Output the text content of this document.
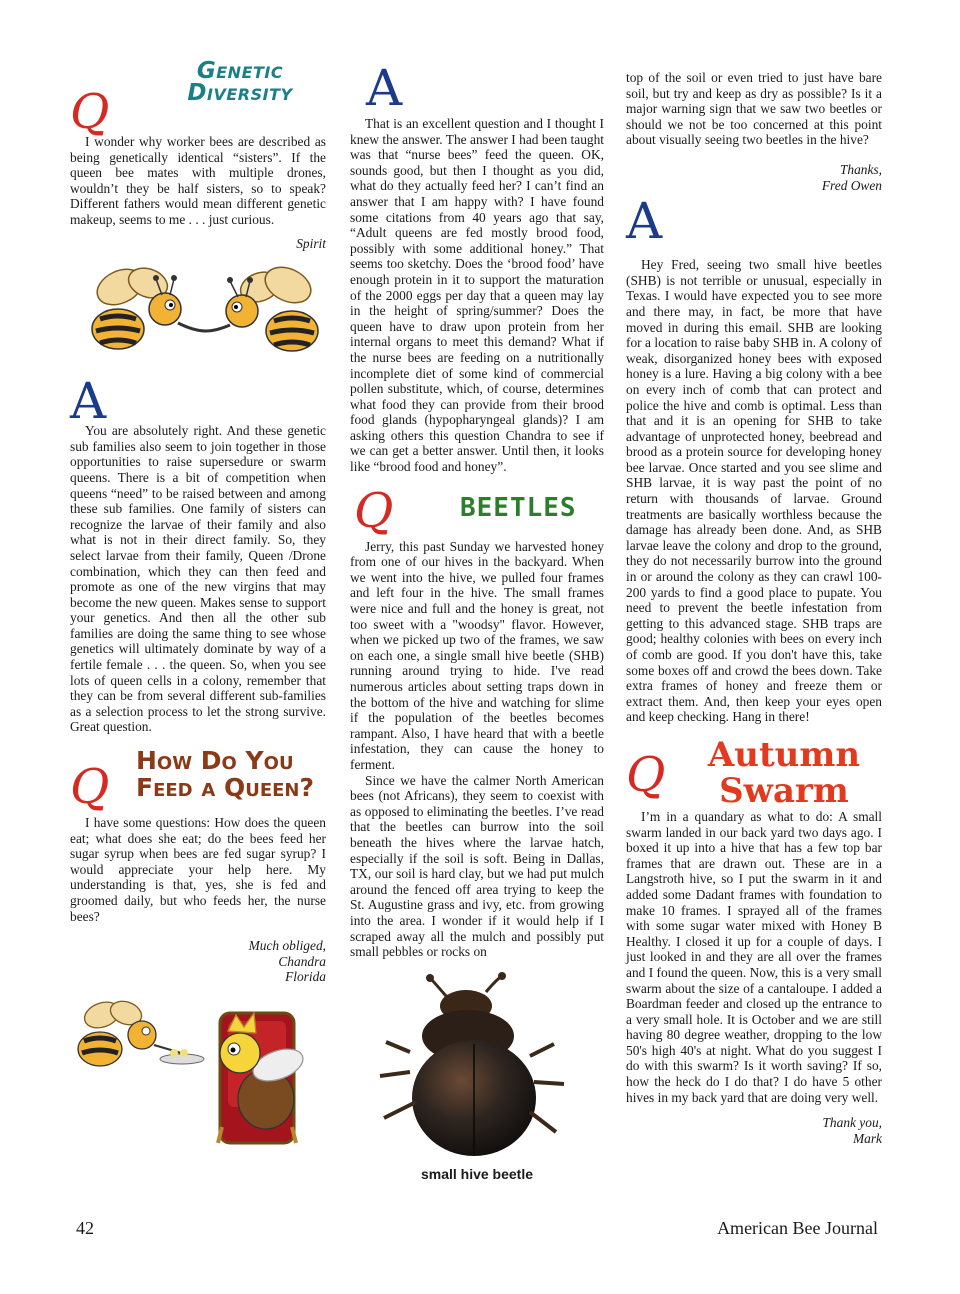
Genetic
Diversity
Q

I wonder why worker bees are described as being genetically identical “sisters”. If the queen bee mates with multiple drones, wouldn’t they be half sisters, so to speak? Different fathers would mean different genetic makeup, seems to me . . . just curious.

Spirit
A

You are absolutely right. And these genetic sub families also seem to join together in those opportunities to raise supersedure or swarm queens. There is a bit of competition when queens “need” to be raised between and among these sub families. One family of sisters can recognize the larvae of their family and also what is not in their direct family. So, they select larvae from their family, Queen /Drone combination, which they can then feed and promote as one of the new virgins that may become the new queen. Makes sense to support your genetics. And then all the other sub families are doing the same thing to see whose genetics will ultimately dominate by way of a fertile female . . . the queen. So, when you see lots of queen cells in a colony, remember that they can be from several different sub-families as a selection process to let the strong survive. Great question.

Q How Do You
Feed a Queen?

I have some questions: How does the queen eat; what does she eat; do the bees feed her sugar syrup when bees are fed sugar syrup? I would appreciate your help here. My understanding is that, yes, she is fed and groomed daily, but who feeds her, the nurse bees?

Much obliged,
Chandra
Florida
A

That is an excellent question and I thought I knew the answer. The answer I had been taught was that “nurse bees” feed the queen. OK, sounds good, but then I thought as you did, what do they actually feed her? I can’t find an answer that I am happy with? I have found some citations from 40 years ago that say, “Adult queens are fed mostly brood food, possibly with some additional honey.” That seems too sketchy. Does the ‘brood food’ have enough protein in it to support the maturation of the 2000 eggs per day that a queen may lay in the height of spring/summer? Does the queen have to draw upon protein from her internal organs to meet this demand? What if the nurse bees are feeding on a nutritionally incomplete diet of some kind of commercial pollen substitute, which, of course, determines what food they can provide from their brood food glands (hypopharyngeal glands)? I am asking others this question Chandra to see if we can get a better answer. Until then, it looks like “brood food and honey”.

Q	BEETLES

Jerry, this past Sunday we harvested honey from one of our hives in the backyard. When we went into the hive, we pulled four frames and left four in the hive. The small frames were nice and full and the honey is great, not too sweet with a "woodsy" flavor. However, when we picked up two of the frames, we saw on each one, a single small hive beetle (SHB) running around trying to hide. I've read numerous articles about setting traps down in the bottom of the hive and watching for slime if the population of the beetles becomes rampant. Also, I have heard that with a beetle infestation, they can cause the honey to ferment.

Since we have the calmer North American bees (not Africans), they seem to coexist with as opposed to eliminating the beetles. I’ve read that the beetles can burrow into the soil beneath the hives where the larvae hatch, especially if the soil is soft. Being in Dallas, TX, our soil is hard clay, but we had put mulch around the fenced off area trying to keep the St. Augustine grass and ivy, etc. from growing into the area. I wonder if it would help if I scraped away all the mulch and possibly put small pebbles or rocks on

small hive beetle

top of the soil or even tried to just have bare soil, but try and keep as dry as possible? Is it a major warning sign that we saw two beetles or should we not be too concerned at this point about visually seeing two beetles in the hive?

Thanks,
Fred Owen
A

Hey Fred, seeing two small hive beetles (SHB) is not terrible or unusual, especially in Texas. I would have expected you to see more and there may, in fact, be more that have moved in during this email. SHB are looking for a location to raise baby SHB in. A colony of weak, disorganized honey bees with exposed honey is a lure. Having a big colony with a bee on every inch of comb that can protect and police the hive and comb is optimal. Less than that and it is an opening for SHB to take advantage of unprotected honey, beebread and brood as a protein source for developing honey bee larvae. Once started and you see slime and SHB larvae, it is way past the point of no return with thousands of larvae. Ground treatments are basically worthless because the damage has already been done. And, as SHB larvae leave the colony and drop to the ground, they do not necessarily burrow into the ground in or around the colony as they can crawl 100-200 yards to find a good place to pupate. You need to prevent the beetle infestation from getting to this advanced stage. SHB traps are good; healthy colonies with bees on every inch of comb are good. If you don't have this, take some boxes off and crowd the bees down. Take extra frames of honey and freeze them or extract them. And, then keep your eyes open and keep checking. Hang in there!

Q Autumn
Swarm

I’m in a quandary as what to do: A small swarm landed in our back yard two days ago. I boxed it up into a hive that has a few top bar frames that are drawn out. These are in a Langstroth hive, so I put the swarm in it and added some Dadant frames with foundation to make 10 frames. I sprayed all of the frames with some sugar water mixed with Honey B Healthy. I closed it up for a couple of days. I just looked in and they are all over the frames and I found the queen. Now, this is a very small swarm about the size of a cantaloupe. I added a Boardman feeder and closed up the entrance to a very small hole. It is October and we are still having 80 degree weather, dropping to the low 50's high 40's at night. What do you suggest I do with this swarm? Is it worth saving? If so, how the heck do I do that? I do have 5 other hives in my back yard that are doing very well.

Thank you,
Mark
42	American Bee Journal
